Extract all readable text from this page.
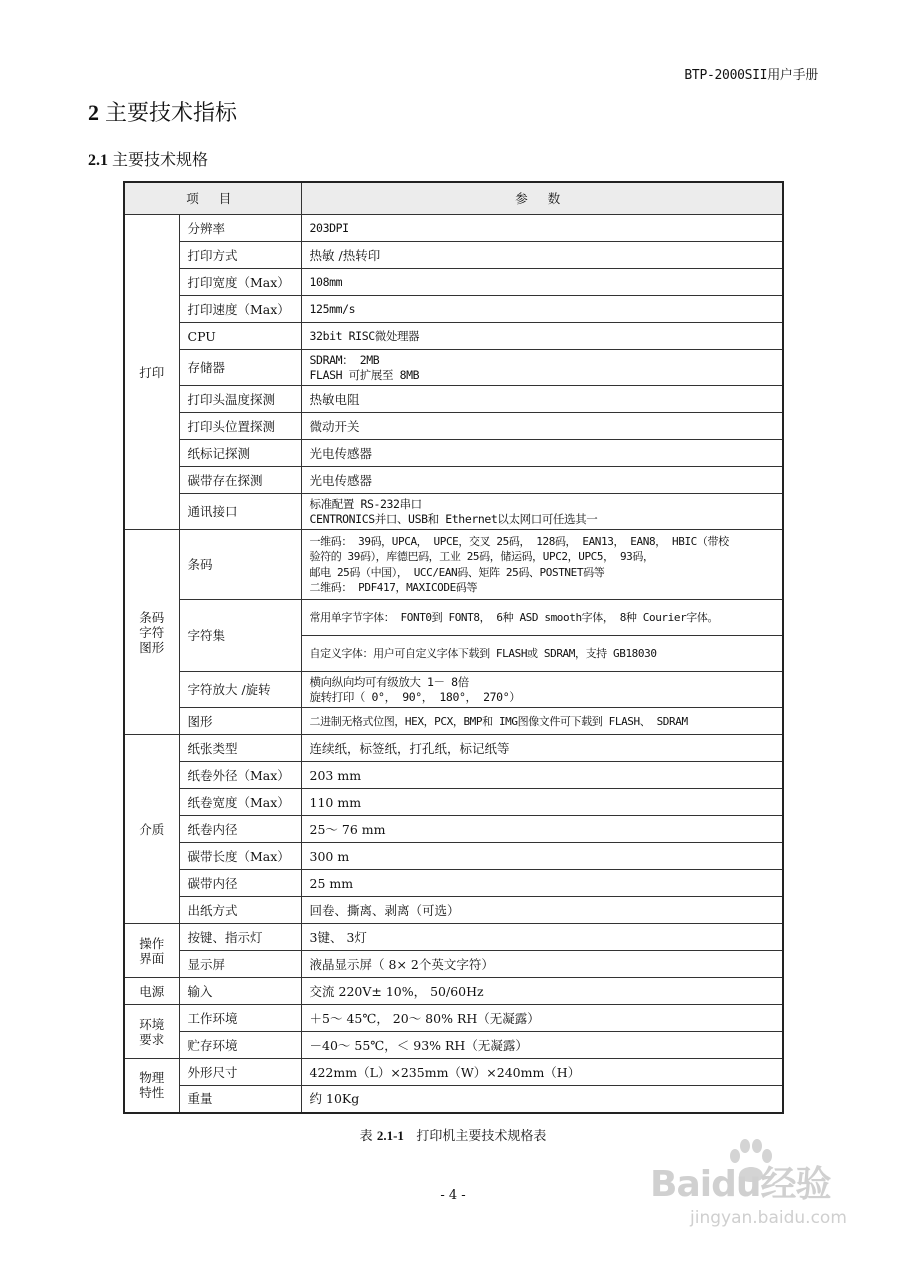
BTP-2000SII用户手册
2 主要技术指标
2.1 主要技术规格
项 目		参 数
打印	分辨率	203DPI
	打印方式	热敏 /热转印
	打印宽度（Max）	108mm
	打印速度（Max）	125mm/s
	CPU	32bit RISC微处理器
	存储器	SDRAM： 2MB
FLASH 可扩展至 8MB
	打印头温度探测	热敏电阻
	打印头位置探测	微动开关
	纸标记探测	光电传感器
	碳带存在探测	光电传感器
	通讯接口	标准配置 RS-232串口
CENTRONICS并口、USB和 Ethernet以太网口可任选其一
条码
字符
图形	条码	一维码： 39码，UPCA， UPCE，交叉 25码， 128码， EAN13， EAN8， HBIC（带校
验符的 39码），库德巴码，工业 25码，储运码，UPC2，UPC5， 93码，
邮电 25码（中国）， UCC/EAN码、矩阵 25码、POSTNET码等
二维码： PDF417，MAXICODE码等
	字符集	常用单字节字体： FONT0到 FONT8， 6种 ASD smooth字体， 8种 Courier字体。
		自定义字体：用户可自定义字体下载到 FLASH或 SDRAM，支持 GB18030
	字符放大 /旋转	横向纵向均可有级放大 1－ 8倍
旋转打印（ 0°， 90°， 180°， 270°）
	图形	二进制无格式位图，HEX，PCX，BMP和 IMG图像文件可下载到 FLASH、 SDRAM
介质	纸张类型	连续纸，标签纸，打孔纸，标记纸等
	纸卷外径（Max）	203 mm
	纸卷宽度（Max）	110 mm
	纸卷内径	25～ 76 mm
	碳带长度（Max）	300 m
	碳带内径	25 mm
	出纸方式	回卷、撕离、剥离（可选）
操作
界面	按键、指示灯	3键、 3灯
	显示屏	液晶显示屏（ 8× 2个英文字符）
电源	输入	交流 220V± 10%， 50/60Hz
环境
要求	工作环境	＋5～ 45℃， 20～ 80% RH（无凝露）
	贮存环境	－40～ 55℃，＜ 93% RH（无凝露）
物理
特性	外形尺寸	422mm（L）×235mm（W）×240mm（H）
	重量	约 10Kg
表 2.1-1 打印机主要技术规格表
- 4 -	Baidu经验
jingyan.baidu.com
